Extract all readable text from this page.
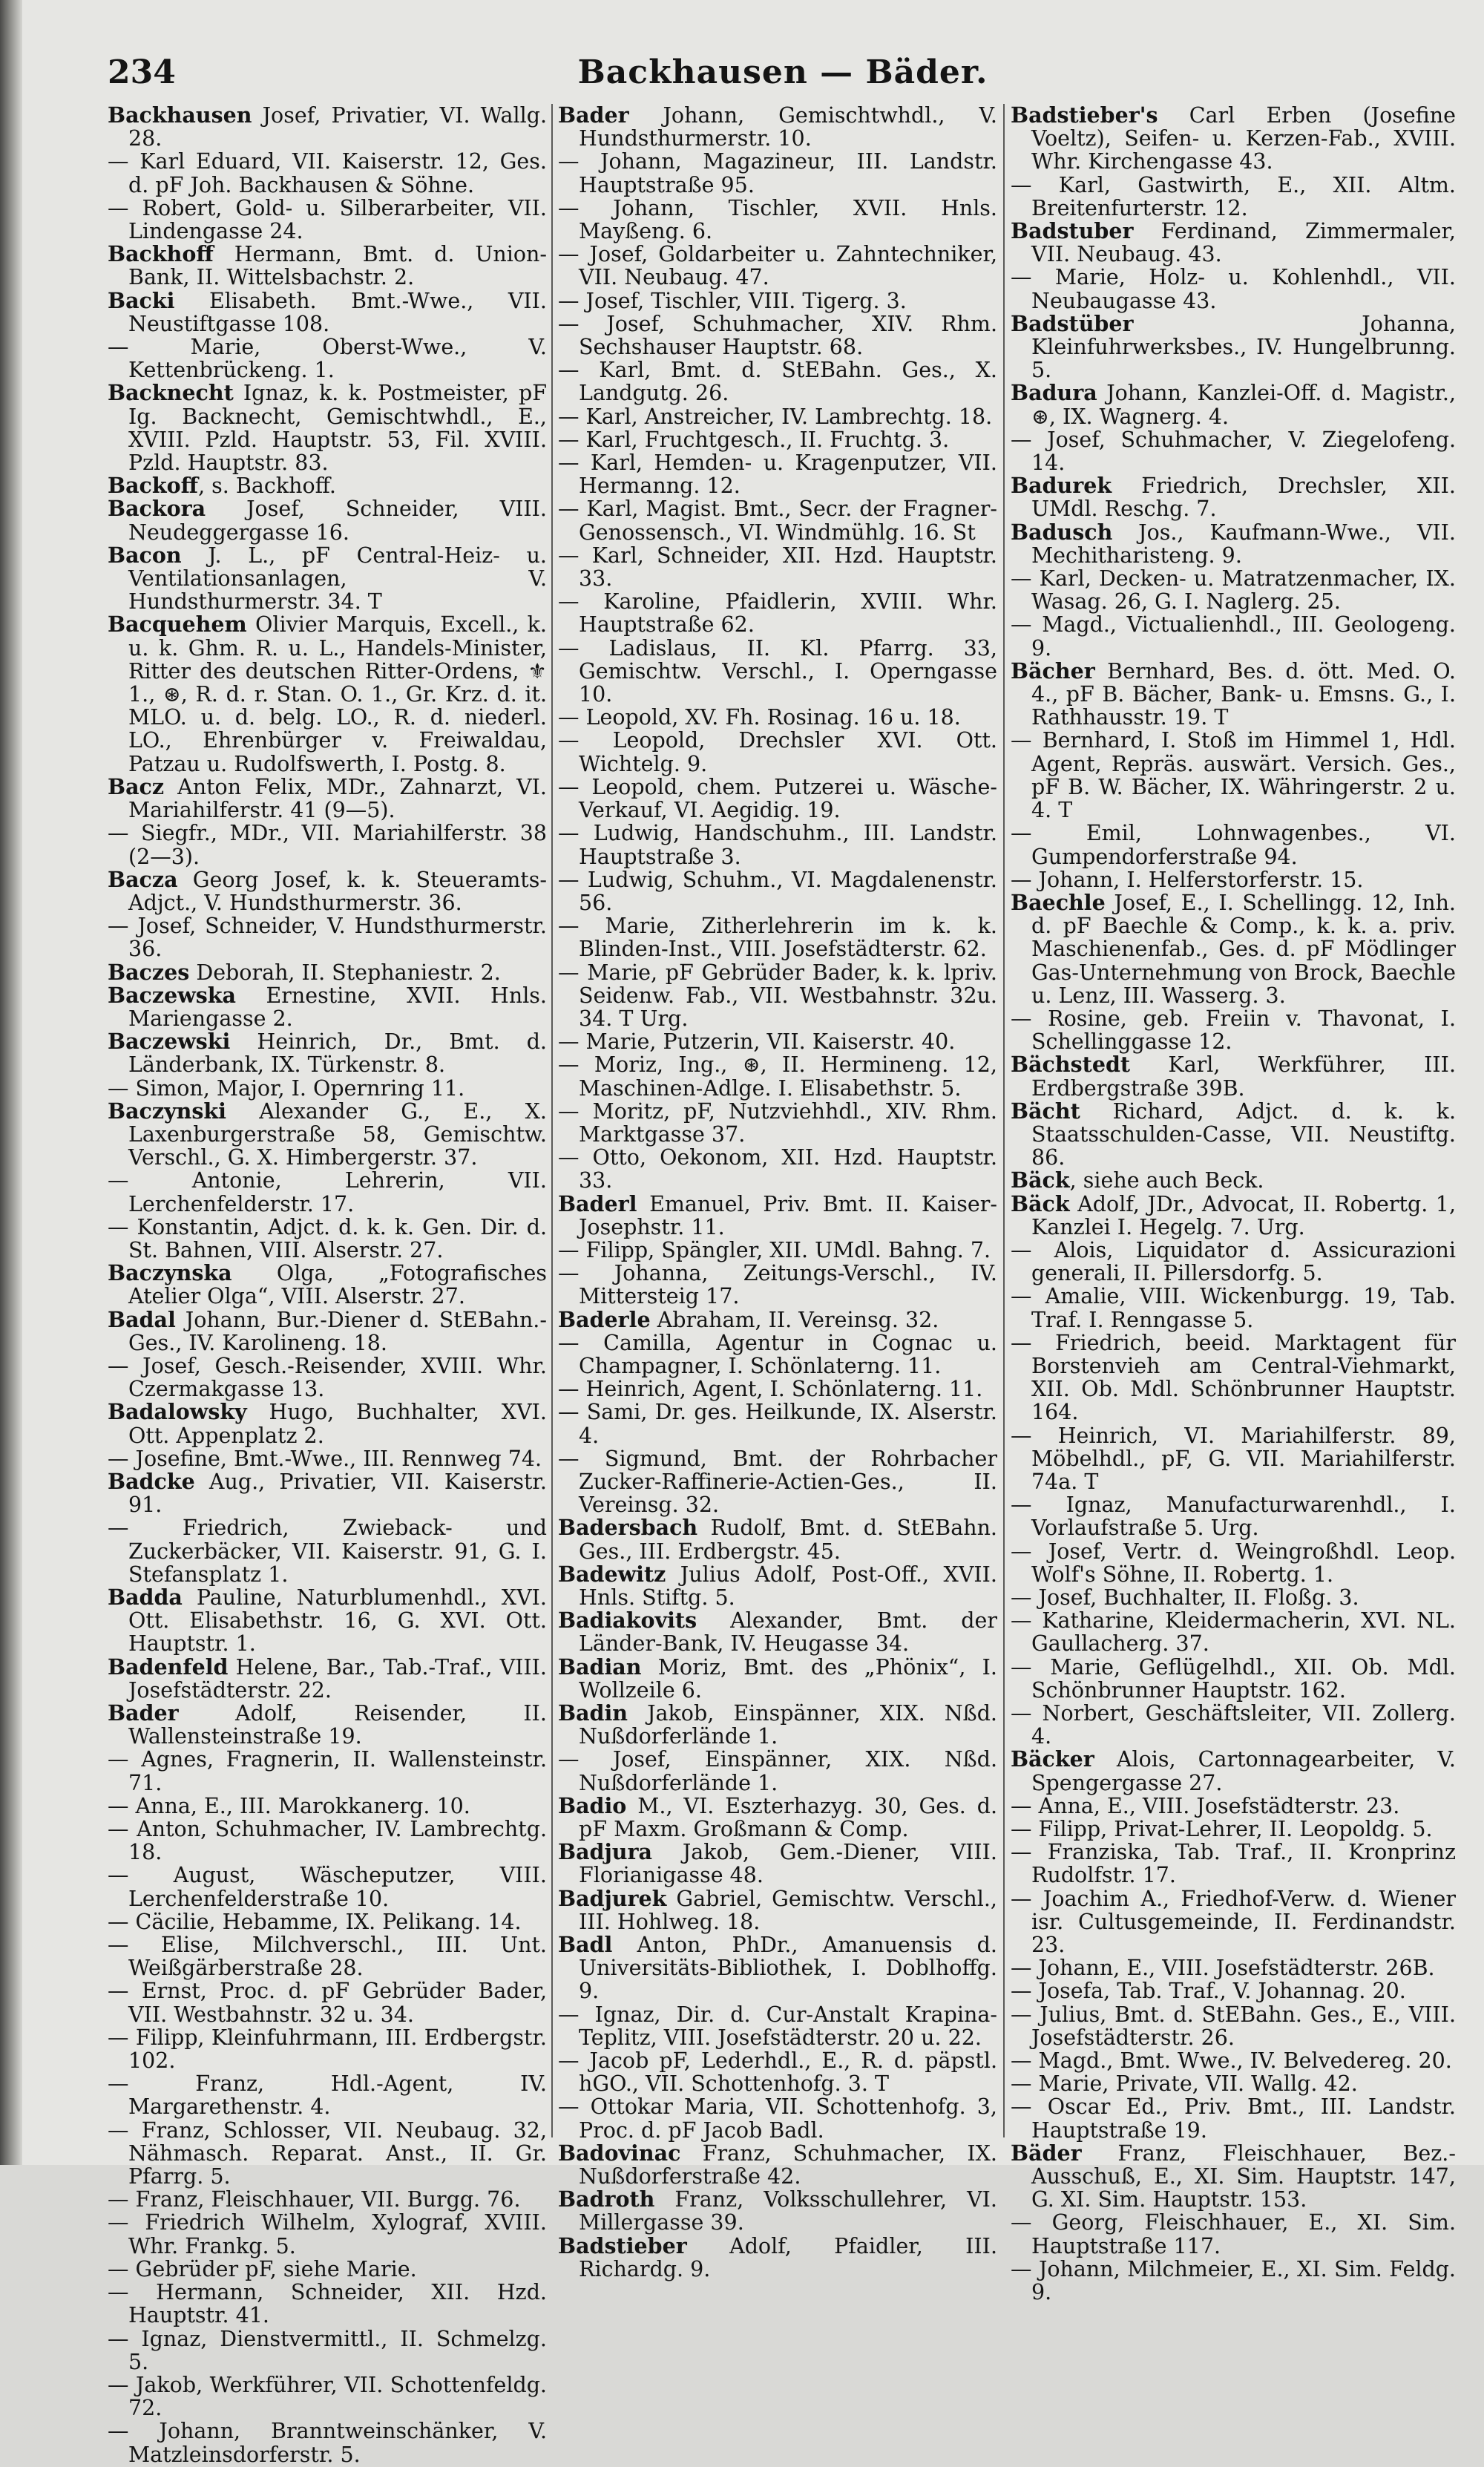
Backhausen — Bäder.
234

Backhausen Josef, Privatier, VI. Wallg. 28.

— Karl Eduard, VII. Kaiserstr. 12, Ges. d. pF Joh. Backhausen & Söhne.

— Robert, Gold- u. Silberarbeiter, VII. Lindengasse 24.

Backhoff Hermann, Bmt. d. Union-Bank, II. Wittelsbachstr. 2.

Backi Elisabeth. Bmt.-Wwe., VII. Neustiftgasse 108.

— Marie, Oberst-Wwe., V. Kettenbrückeng. 1.

Backnecht Ignaz, k. k. Postmeister, pF Ig. Backnecht, Gemischtwhdl., E., XVIII. Pzld. Hauptstr. 53, Fil. XVIII. Pzld. Hauptstr. 83.

Backoff, s. Backhoff.

Backora Josef, Schneider, VIII. Neudeggergasse 16.

Bacon J. L., pF Central-Heiz- u. Ventilationsanlagen, V. Hundsthurmerstr. 34. T

Bacquehem Olivier Marquis, Excell., k. u. k. Ghm. R. u. L., Handels-Minister, Ritter des deutschen Ritter-Ordens, ⚜ 1., ⊛, R. d. r. Stan. O. 1., Gr. Krz. d. it. MLO. u. d. belg. LO., R. d. niederl. LO., Ehrenbürger v. Freiwaldau, Patzau u. Rudolfswerth, I. Postg. 8.

Bacz Anton Felix, MDr., Zahnarzt, VI. Mariahilferstr. 41 (9—5).

— Siegfr., MDr., VII. Mariahilferstr. 38 (2—3).

Bacza Georg Josef, k. k. Steueramts-Adjct., V. Hundsthurmerstr. 36.

— Josef, Schneider, V. Hundsthurmerstr. 36.

Baczes Deborah, II. Stephaniestr. 2.

Baczewska Ernestine, XVII. Hnls. Mariengasse 2.

Baczewski Heinrich, Dr., Bmt. d. Länderbank, IX. Türkenstr. 8.

— Simon, Major, I. Opernring 11.

Baczynski Alexander G., E., X. Laxenburgerstraße 58, Gemischtw. Verschl., G. X. Himbergerstr. 37.

— Antonie, Lehrerin, VII. Lerchenfelderstr. 17.

— Konstantin, Adjct. d. k. k. Gen. Dir. d. St. Bahnen, VIII. Alserstr. 27.

Baczynska Olga, „Fotografisches Atelier Olga“, VIII. Alserstr. 27.

Badal Johann, Bur.-Diener d. StEBahn.-Ges., IV. Karolineng. 18.

— Josef, Gesch.-Reisender, XVIII. Whr. Czermakgasse 13.

Badalowsky Hugo, Buchhalter, XVI. Ott. Appenplatz 2.

— Josefine, Bmt.-Wwe., III. Rennweg 74.

Badcke Aug., Privatier, VII. Kaiserstr. 91.

— Friedrich, Zwieback- und Zuckerbäcker, VII. Kaiserstr. 91, G. I. Stefansplatz 1.

Badda Pauline, Naturblumenhdl., XVI. Ott. Elisabethstr. 16, G. XVI. Ott. Hauptstr. 1.

Badenfeld Helene, Bar., Tab.-Traf., VIII. Josefstädterstr. 22.

Bader Adolf, Reisender, II. Wallensteinstraße 19.

— Agnes, Fragnerin, II. Wallensteinstr. 71.

— Anna, E., III. Marokkanerg. 10.

— Anton, Schuhmacher, IV. Lambrechtg. 18.

— August, Wäscheputzer, VIII. Lerchenfelderstraße 10.

— Cäcilie, Hebamme, IX. Pelikang. 14.

— Elise, Milchverschl., III. Unt. Weißgärberstraße 28.

— Ernst, Proc. d. pF Gebrüder Bader, VII. Westbahnstr. 32 u. 34.

— Filipp, Kleinfuhrmann, III. Erdbergstr. 102.

— Franz, Hdl.-Agent, IV. Margarethenstr. 4.

— Franz, Schlosser, VII. Neubaug. 32, Nähmasch. Reparat. Anst., II. Gr. Pfarrg. 5.

— Franz, Fleischhauer, VII. Burgg. 76.

— Friedrich Wilhelm, Xylograf, XVIII. Whr. Frankg. 5.

— Gebrüder pF, siehe Marie.

— Hermann, Schneider, XII. Hzd. Hauptstr. 41.

— Ignaz, Dienstvermittl., II. Schmelzg. 5.

— Jakob, Werkführer, VII. Schottenfeldg. 72.

— Johann, Branntweinschänker, V. Matzleinsdorferstr. 5.

Bader Johann, Gemischtwhdl., V. Hundsthurmerstr. 10.

— Johann, Magazineur, III. Landstr. Hauptstraße 95.

— Johann, Tischler, XVII. Hnls. Mayßeng. 6.

— Josef, Goldarbeiter u. Zahntechniker, VII. Neubaug. 47.

— Josef, Tischler, VIII. Tigerg. 3.

— Josef, Schuhmacher, XIV. Rhm. Sechshauser Hauptstr. 68.

— Karl, Bmt. d. StEBahn. Ges., X. Landgutg. 26.

— Karl, Anstreicher, IV. Lambrechtg. 18.

— Karl, Fruchtgesch., II. Fruchtg. 3.

— Karl, Hemden- u. Kragenputzer, VII. Hermanng. 12.

— Karl, Magist. Bmt., Secr. der Fragner-Genossensch., VI. Windmühlg. 16. St

— Karl, Schneider, XII. Hzd. Hauptstr. 33.

— Karoline, Pfaidlerin, XVIII. Whr. Hauptstraße 62.

— Ladislaus, II. Kl. Pfarrg. 33, Gemischtw. Verschl., I. Operngasse 10.

— Leopold, XV. Fh. Rosinag. 16 u. 18.

— Leopold, Drechsler XVI. Ott. Wichtelg. 9.

— Leopold, chem. Putzerei u. Wäsche-Verkauf, VI. Aegidig. 19.

— Ludwig, Handschuhm., III. Landstr. Hauptstraße 3.

— Ludwig, Schuhm., VI. Magdalenenstr. 56.

— Marie, Zitherlehrerin im k. k. Blinden-Inst., VIII. Josefstädterstr. 62.

— Marie, pF Gebrüder Bader, k. k. lpriv. Seidenw. Fab., VII. Westbahnstr. 32u. 34. T Urg.

— Marie, Putzerin, VII. Kaiserstr. 40.

— Moriz, Ing., ⊛, II. Hermineng. 12, Maschinen-Adlge. I. Elisabethstr. 5.

— Moritz, pF, Nutzviehhdl., XIV. Rhm. Marktgasse 37.

— Otto, Oekonom, XII. Hzd. Hauptstr. 33.

Baderl Emanuel, Priv. Bmt. II. Kaiser-Josephstr. 11.

— Filipp, Spängler, XII. UMdl. Bahng. 7.

— Johanna, Zeitungs-Verschl., IV. Mittersteig 17.

Baderle Abraham, II. Vereinsg. 32.

— Camilla, Agentur in Cognac u. Champagner, I. Schönlaterng. 11.

— Heinrich, Agent, I. Schönlaterng. 11.

— Sami, Dr. ges. Heilkunde, IX. Alserstr. 4.

— Sigmund, Bmt. der Rohrbacher Zucker-Raffinerie-Actien-Ges., II. Vereinsg. 32.

Badersbach Rudolf, Bmt. d. StEBahn. Ges., III. Erdbergstr. 45.

Badewitz Julius Adolf, Post-Off., XVII. Hnls. Stiftg. 5.

Badiakovits Alexander, Bmt. der Länder-Bank, IV. Heugasse 34.

Badian Moriz, Bmt. des „Phönix“, I. Wollzeile 6.

Badin Jakob, Einspänner, XIX. Nßd. Nußdorferlände 1.

— Josef, Einspänner, XIX. Nßd. Nußdorferlände 1.

Badio M., VI. Eszterhazyg. 30, Ges. d. pF Maxm. Großmann & Comp.

Badjura Jakob, Gem.-Diener, VIII. Florianigasse 48.

Badjurek Gabriel, Gemischtw. Verschl., III. Hohlweg. 18.

Badl Anton, PhDr., Amanuensis d. Universitäts-Bibliothek, I. Doblhoffg. 9.

— Ignaz, Dir. d. Cur-Anstalt Krapina-Teplitz, VIII. Josefstädterstr. 20 u. 22.

— Jacob pF, Lederhdl., E., R. d. päpstl. hGO., VII. Schottenhofg. 3. T

— Ottokar Maria, VII. Schottenhofg. 3, Proc. d. pF Jacob Badl.

Badovinac Franz, Schuhmacher, IX. Nußdorferstraße 42.

Badroth Franz, Volksschullehrer, VI. Millergasse 39.

Badstieber Adolf, Pfaidler, III. Richardg. 9.

Badstieber's Carl Erben (Josefine Voeltz), Seifen- u. Kerzen-Fab., XVIII. Whr. Kirchengasse 43.

— Karl, Gastwirth, E., XII. Altm. Breitenfurterstr. 12.

Badstuber Ferdinand, Zimmermaler, VII. Neubaug. 43.

— Marie, Holz- u. Kohlenhdl., VII. Neubaugasse 43.

Badstüber Johanna, Kleinfuhrwerksbes., IV. Hungelbrunng. 5.

Badura Johann, Kanzlei-Off. d. Magistr., ⊛, IX. Wagnerg. 4.

— Josef, Schuhmacher, V. Ziegelofeng. 14.

Badurek Friedrich, Drechsler, XII. UMdl. Reschg. 7.

Badusch Jos., Kaufmann-Wwe., VII. Mechitharisteng. 9.

— Karl, Decken- u. Matratzenmacher, IX. Wasag. 26, G. I. Naglerg. 25.

— Magd., Victualienhdl., III. Geologeng. 9.

Bächer Bernhard, Bes. d. ött. Med. O. 4., pF B. Bächer, Bank- u. Emsns. G., I. Rathhausstr. 19. T

— Bernhard, I. Stoß im Himmel 1, Hdl. Agent, Repräs. auswärt. Versich. Ges., pF B. W. Bächer, IX. Währingerstr. 2 u. 4. T

— Emil, Lohnwagenbes., VI. Gumpendorferstraße 94.

— Johann, I. Helferstorferstr. 15.

Baechle Josef, E., I. Schellingg. 12, Inh. d. pF Baechle & Comp., k. k. a. priv. Maschienenfab., Ges. d. pF Mödlinger Gas-Unternehmung von Brock, Baechle u. Lenz, III. Wasserg. 3.

— Rosine, geb. Freiin v. Thavonat, I. Schellinggasse 12.

Bächstedt Karl, Werkführer, III. Erdbergstraße 39B.

Bächt Richard, Adjct. d. k. k. Staatsschulden-Casse, VII. Neustiftg. 86.

Bäck, siehe auch Beck.

Bäck Adolf, JDr., Advocat, II. Robertg. 1, Kanzlei I. Hegelg. 7. Urg.

— Alois, Liquidator d. Assicurazioni generali, II. Pillersdorfg. 5.

— Amalie, VIII. Wickenburgg. 19, Tab. Traf. I. Renngasse 5.

— Friedrich, beeid. Marktagent für Borstenvieh am Central-Viehmarkt, XII. Ob. Mdl. Schönbrunner Hauptstr. 164.

— Heinrich, VI. Mariahilferstr. 89, Möbelhdl., pF, G. VII. Mariahilferstr. 74a. T

— Ignaz, Manufacturwarenhdl., I. Vorlaufstraße 5. Urg.

— Josef, Vertr. d. Weingroßhdl. Leop. Wolf's Söhne, II. Robertg. 1.

— Josef, Buchhalter, II. Floßg. 3.

— Katharine, Kleidermacherin, XVI. NL. Gaullacherg. 37.

— Marie, Geflügelhdl., XII. Ob. Mdl. Schönbrunner Hauptstr. 162.

— Norbert, Geschäftsleiter, VII. Zollerg. 4.

Bäcker Alois, Cartonnagearbeiter, V. Spengergasse 27.

— Anna, E., VIII. Josefstädterstr. 23.

— Filipp, Privat-Lehrer, II. Leopoldg. 5.

— Franziska, Tab. Traf., II. Kronprinz Rudolfstr. 17.

— Joachim A., Friedhof-Verw. d. Wiener isr. Cultusgemeinde, II. Ferdinandstr. 23.

— Johann, E., VIII. Josefstädterstr. 26B.

— Josefa, Tab. Traf., V. Johannag. 20.

— Julius, Bmt. d. StEBahn. Ges., E., VIII. Josefstädterstr. 26.

— Magd., Bmt. Wwe., IV. Belvedereg. 20.

— Marie, Private, VII. Wallg. 42.

— Oscar Ed., Priv. Bmt., III. Landstr. Hauptstraße 19.

Bäder Franz, Fleischhauer, Bez.-Ausschuß, E., XI. Sim. Hauptstr. 147, G. XI. Sim. Hauptstr. 153.

— Georg, Fleischhauer, E., XI. Sim. Hauptstraße 117.

— Johann, Milchmeier, E., XI. Sim. Feldg. 9.
